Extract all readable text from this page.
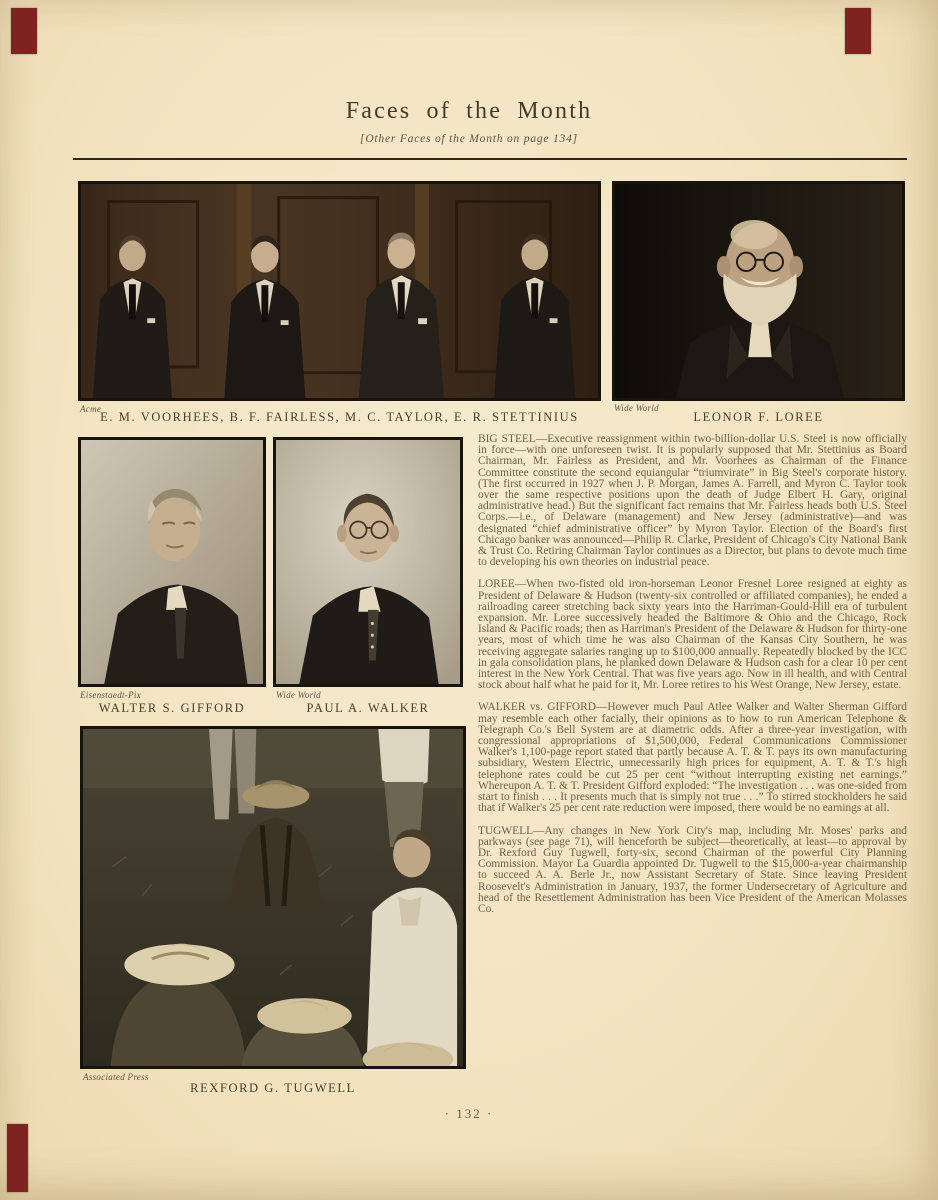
Faces of the Month
[Other Faces of the Month on page 134]
Acme
E. M. VOORHEES, B. F. FAIRLESS, M. C. TAYLOR, E. R. STETTINIUS
Wide World
LEONOR F. LOREE
Eisenstaedt-Pix
WALTER S. GIFFORD
Wide World
PAUL A. WALKER
Associated Press
REXFORD G. TUGWELL

BIG STEEL—Executive reassignment within two-billion-dollar U.S. Steel is now officially in force—with one unforeseen twist. It is popularly supposed that Mr. Stettinius as Board Chairman, Mr. Fairless as President, and Mr. Voorhees as Chairman of the Finance Committee constitute the second equiangular “triumvirate” in Big Steel's corporate history. (The first occurred in 1927 when J. P. Morgan, James A. Farrell, and Myron C. Taylor took over the same respective positions upon the death of Judge Elbert H. Gary, original administrative head.) But the significant fact remains that Mr. Fairless heads both U.S. Steel Corps.—i.e., of Delaware (management) and New Jersey (administrative)—and was designated “chief administrative officer” by Myron Taylor. Election of the Board's first Chicago banker was announced—Philip R. Clarke, President of Chicago's City National Bank & Trust Co. Retiring Chairman Taylor continues as a Director, but plans to devote much time to developing his own theories on industrial peace.

LOREE—When two-fisted old iron-horseman Leonor Fresnel Loree resigned at eighty as President of Delaware & Hudson (twenty-six controlled or affiliated companies), he ended a railroading career stretching back sixty years into the Harriman-Gould-Hill era of turbulent expansion. Mr. Loree successively headed the Baltimore & Ohio and the Chicago, Rock Island & Pacific roads; then as Harriman's President of the Delaware & Hudson for thirty-one years, most of which time he was also Chairman of the Kansas City Southern, he was receiving aggregate salaries ranging up to $100,000 annually. Repeatedly blocked by the ICC in gala consolidation plans, he planked down Delaware & Hudson cash for a clear 10 per cent interest in the New York Central. That was five years ago. Now in ill health, and with Central stock about half what he paid for it, Mr. Loree retires to his West Orange, New Jersey, estate.

WALKER vs. GIFFORD—However much Paul Atlee Walker and Walter Sherman Gifford may resemble each other facially, their opinions as to how to run American Telephone & Telegraph Co.'s Bell System are at diametric odds. After a three-year investigation, with congressional appropriations of $1,500,000, Federal Communications Commissioner Walker's 1,100-page report stated that partly because A. T. & T. pays its own manufacturing subsidiary, Western Electric, unnecessarily high prices for equipment, A. T. & T.'s high telephone rates could be cut 25 per cent “without interrupting existing net earnings.” Whereupon A. T. & T. President Gifford exploded: “The investigation . . . was one-sided from start to finish . . . It presents much that is simply not true . . .” To stirred stockholders he said that if Walker's 25 per cent rate reduction were imposed, there would be no earnings at all.

TUGWELL—Any changes in New York City's map, including Mr. Moses' parks and parkways (see page 71), will henceforth be subject—theoretically, at least—to approval by Dr. Rexford Guy Tugwell, forty-six, second Chairman of the powerful City Planning Commission. Mayor La Guardia appointed Dr. Tugwell to the $15,000-a-year chairmanship to succeed A. A. Berle Jr., now Assistant Secretary of State. Since leaving President Roosevelt's Administration in January, 1937, the former Undersecretary of Agriculture and head of the Resettlement Administration has been Vice President of the American Molasses Co.

· 132 ·
